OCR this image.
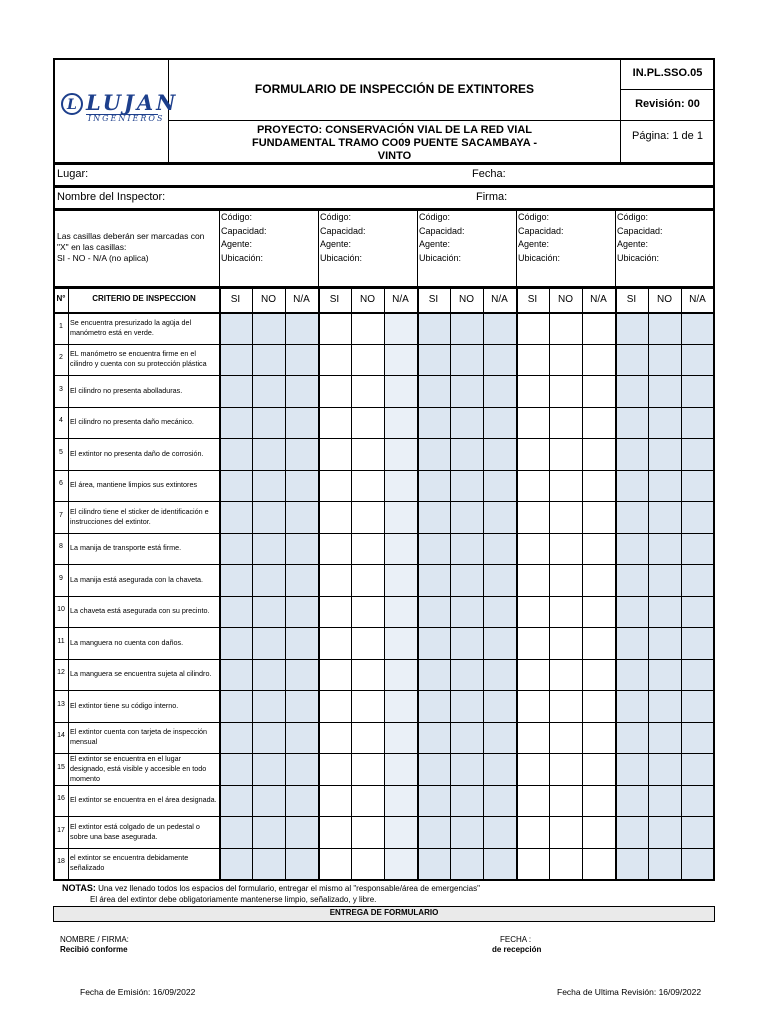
L LUJAN
INGENIEROS
FORMULARIO DE INSPECCIÓN DE EXTINTORES
IN.PL.SSO.05
Revisión: 00
PROYECTO: CONSERVACIÓN VIAL DE LA RED VIAL
FUNDAMENTAL TRAMO CO09 PUENTE SACAMBAYA -
VINTO
Página: 1 de 1
Lugar:	Fecha:
Nombre del Inspector:	Firma:
Las casillas deberán ser marcadas con
"X" en las casillas:
SI - NO - N/A (no aplica)
Código:
Capacidad:
Agente:
Ubicación:
Código:
Capacidad:
Agente:
Ubicación:
Código:
Capacidad:
Agente:
Ubicación:
Código:
Capacidad:
Agente:
Ubicación:
Código:
Capacidad:
Agente:
Ubicación:
N°	CRITERIO DE INSPECCION	SI	NO	N/A	SI	NO	N/A	SI	NO	N/A	SI	NO	N/A	SI	NO	N/A
1 Se encuentra presurizado la agüja del manómetro está en verde.
2 EL manómetro se encuentra firme en el cilindro y cuenta con su protección plástica
3 El cilindro no presenta abolladuras.
4 El cilindro no presenta daño mecánico.
5 El extintor no presenta daño de corrosión.
6 El área, mantiene limpios sus extintores
7 El cilindro tiene el sticker de identificación e instrucciones del extintor.
8 La manija de transporte está firme.
9 La manija está asegurada con la chaveta.
10 La chaveta está asegurada con su precinto.
11 La manguera no cuenta con daños.
12 La manguera se encuentra sujeta al cilindro.
13 El extintor tiene su código interno.
14 El extintor cuenta con tarjeta de inspección mensual
15
El extintor se encuentra en el lugar designado, está visible y accesible en todo momento
16 El extintor se encuentra en el área designada.
17 El extintor está colgado de un pedestal o sobre una base asegurada.
18 el extintor se encuentra debidamente señalizado
NOTAS: Una vez llenado todos los espacios del formulario, entregar el mismo al "responsable/área de emergencias"
El área del extintor debe obligatoriamente mantenerse limpio, señalizado, y libre.
ENTREGA DE FORMULARIO
NOMBRE / FIRMA:
Recibió conforme
FECHA :
de recepción
Fecha de Emisión: 16/09/2022	Fecha de Ultima Revisión: 16/09/2022
